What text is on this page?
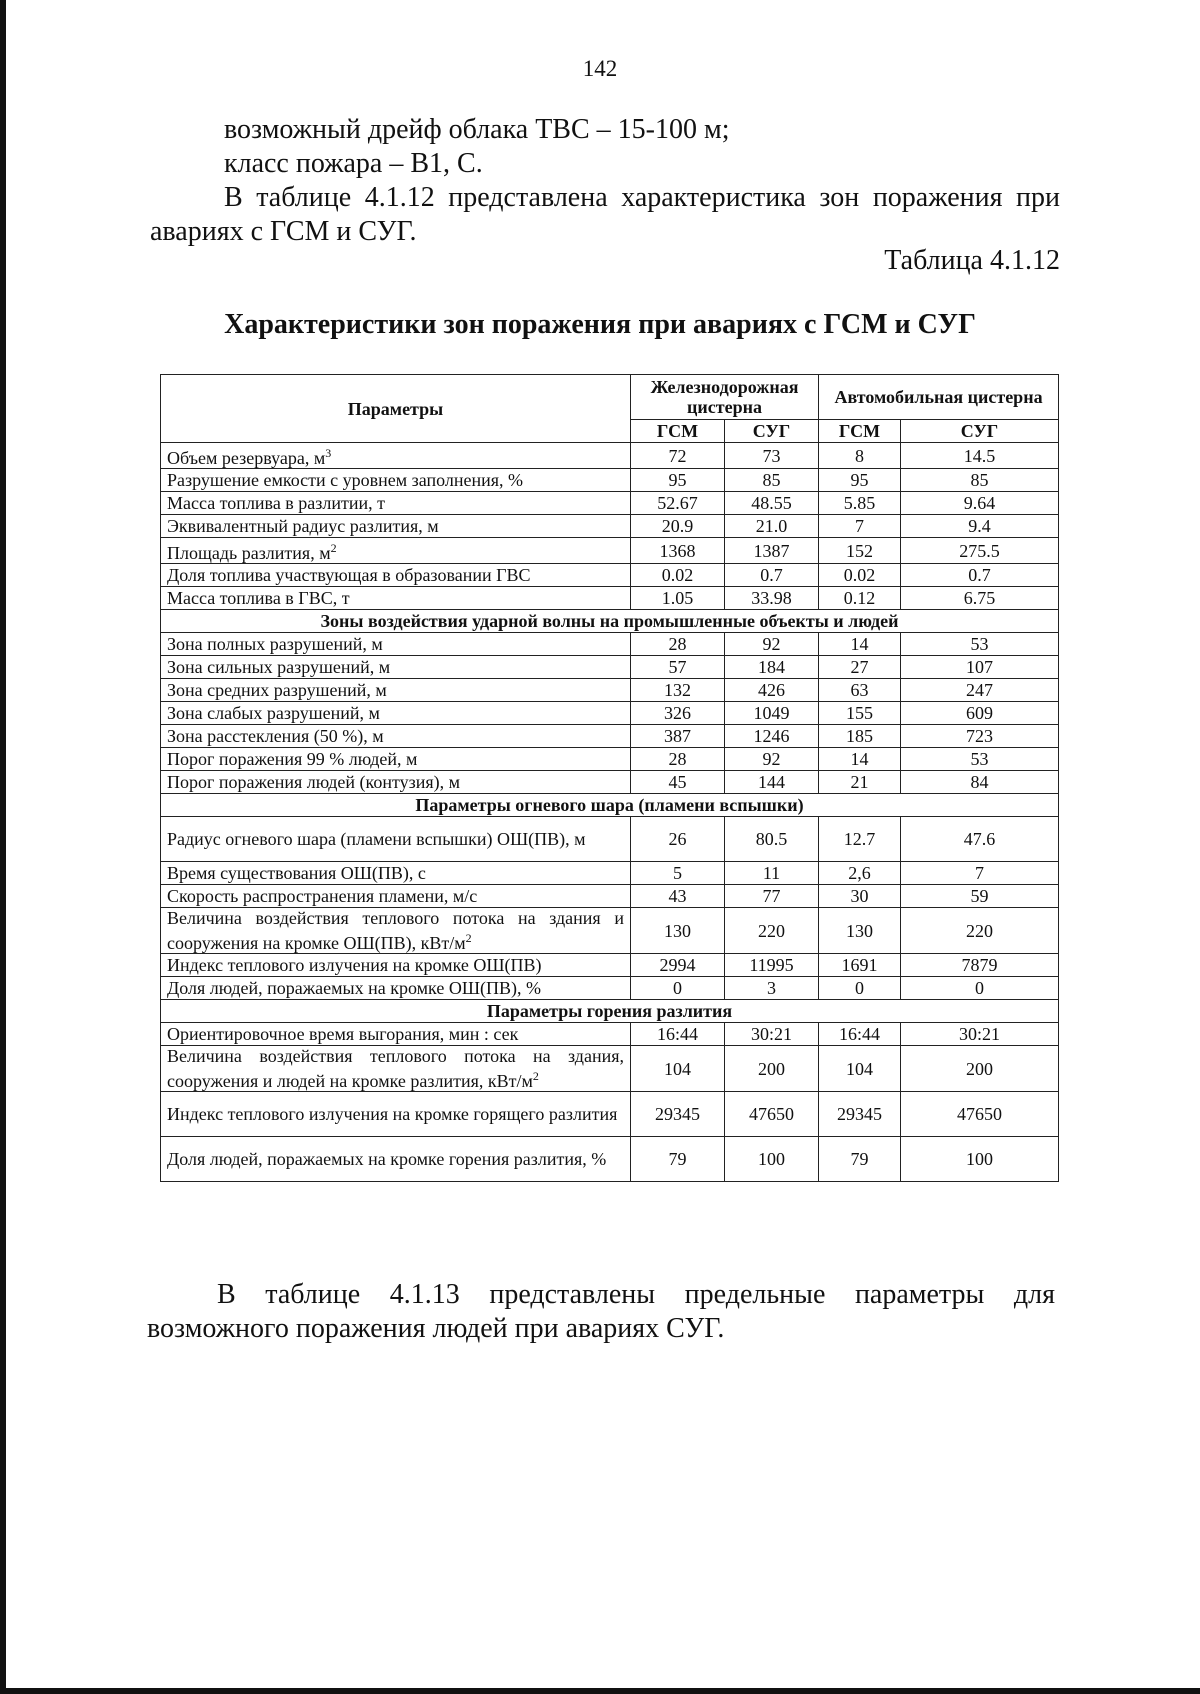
142

возможный дрейф облака ТВС – 15-100 м;

класс пожара – В1, С.

В таблице 4.1.12 представлена характеристика зон поражения при авариях с ГСМ и СУГ.

Таблица 4.1.12
Характеристики зон поражения при авариях с ГСМ и СУГ
Параметры	Железнодорожная цистерна		Автомобильная цистерна	
	ГСМ	СУГ	ГСМ	СУГ
Объем резервуара, $м^3$	72	73	8	14.5
Разрушение емкости с уровнем заполнения, %	95	85	95	85
Масса топлива в разлитии, т	52.67	48.55	5.85	9.64
Эквивалентный радиус разлития, м	20.9	21.0	7	9.4
Площадь разлития, $м^2$	1368	1387	152	275.5
Доля топлива участвующая в образовании ГВС	0.02	0.7	0.02	0.7
Масса топлива в ГВС, т	1.05	33.98	0.12	6.75
Зоны воздействия ударной волны на промышленные объекты и людей				
Зона полных разрушений, м	28	92	14	53
Зона сильных разрушений, м	57	184	27	107
Зона средних разрушений, м	132	426	63	247
Зона слабых разрушений, м	326	1049	155	609
Зона расстекления (50 %), м	387	1246	185	723
Порог поражения 99 % людей, м	28	92	14	53
Порог поражения людей (контузия), м	45	144	21	84
Параметры огневого шара (пламени вспышки)				
Радиус огневого шара (пламени вспышки) ОШ(ПВ), м	26	80.5	12.7	47.6
Время существования ОШ(ПВ), с	5	11	2,6	7
Скорость распространения пламени, м/с	43	77	30	59
Величина воздействия теплового потока на здания и сооружения на кромке ОШ(ПВ), кВт/$м^2$	130	220	130	220
Индекс теплового излучения на кромке ОШ(ПВ)	2994	11995	1691	7879
Доля людей, поражаемых на кромке ОШ(ПВ), %	0	3	0	0
Параметры горения разлития				
Ориентировочное время выгорания, мин : сек	16:44	30:21	16:44	30:21
Величина воздействия теплового потока на здания, сооружения и людей на кромке разлития, кВт/$м^2$	104	200	104	200
Индекс теплового излучения на кромке горящего разлития	29345	47650	29345	47650
Доля людей, поражаемых на кромке горения разлития, %	79	100	79	100

В таблице 4.1.13 представлены предельные параметры для возможного поражения людей при авариях СУГ.
